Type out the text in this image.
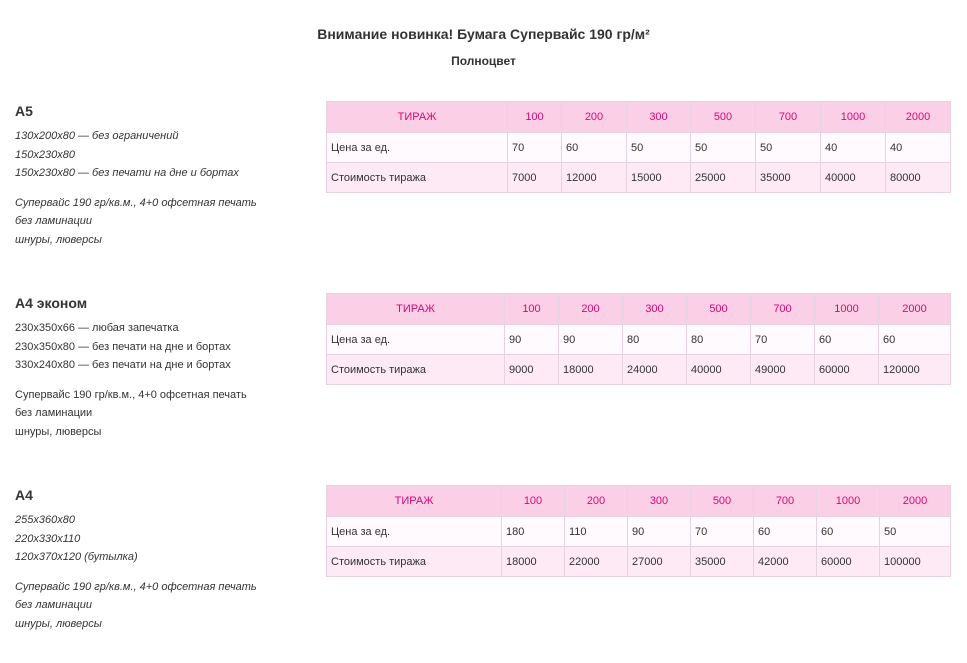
Внимание новинка! Бумага Супервайс 190 гр/м²
Полноцвет
A5
130x200x80 — без ограничений
150x230x80
150x230x80 — без печати на дне и бортах
Супервайс 190 гр/кв.м., 4+0 офсетная печать
без ламинации
шнуры, люверсы
ТИРАЖ	100	200	300	500	700	1000	2000
Цена за ед.	70	60	50	50	50	40	40
Стоимость тиража	7000	12000	15000	25000	35000	40000	80000
A4 эконом
230x350x66 — любая запечатка
230x350x80 — без печати на дне и бортах
330x240x80 — без печати на дне и бортах
Супервайс 190 гр/кв.м., 4+0 офсетная печать
без ламинации
шнуры, люверсы
ТИРАЖ	100	200	300	500	700	1000	2000
Цена за ед.	90	90	80	80	70	60	60
Стоимость тиража	9000	18000	24000	40000	49000	60000	120000
A4
255x360x80
220x330x110
120x370x120 (бутылка)
Супервайс 190 гр/кв.м., 4+0 офсетная печать
без ламинации
шнуры, люверсы
ТИРАЖ	100	200	300	500	700	1000	2000
Цена за ед.	180	110	90	70	60	60	50
Стоимость тиража	18000	22000	27000	35000	42000	60000	100000
